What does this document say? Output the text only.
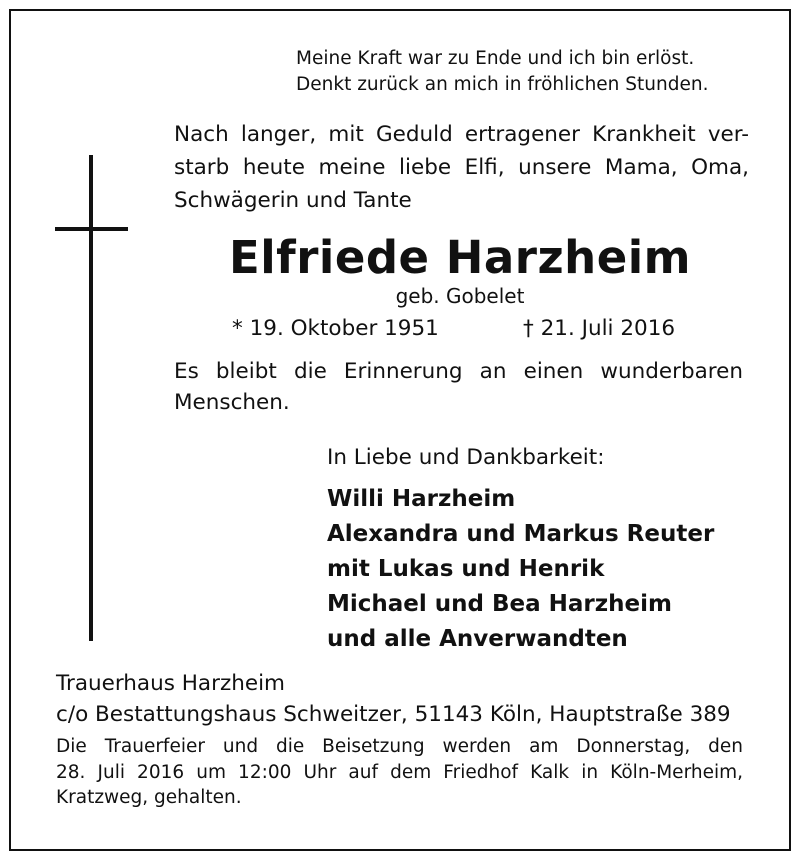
Meine Kraft war zu Ende und ich bin erlöst.
Denkt zurück an mich in fröhlichen Stunden.
Nach langer, mit Geduld ertragener Krankheit ver-
starb heute meine liebe Elfi, unsere Mama, Oma,
Schwägerin und Tante
Elfriede Harzheim
geb. Gobelet
* 19. Oktober 1951	† 21. Juli 2016
Es bleibt die Erinnerung an einen wunderbaren
Menschen.
In Liebe und Dankbarkeit:
Willi Harzheim
Alexandra und Markus Reuter
mit Lukas und Henrik
Michael und Bea Harzheim
und alle Anverwandten
Trauerhaus Harzheim
c/o Bestattungshaus Schweitzer, 51143 Köln, Hauptstraße 389
Die Trauerfeier und die Beisetzung werden am Donnerstag, den
28. Juli 2016 um 12:00 Uhr auf dem Friedhof Kalk in Köln-Merheim,
Kratzweg, gehalten.
